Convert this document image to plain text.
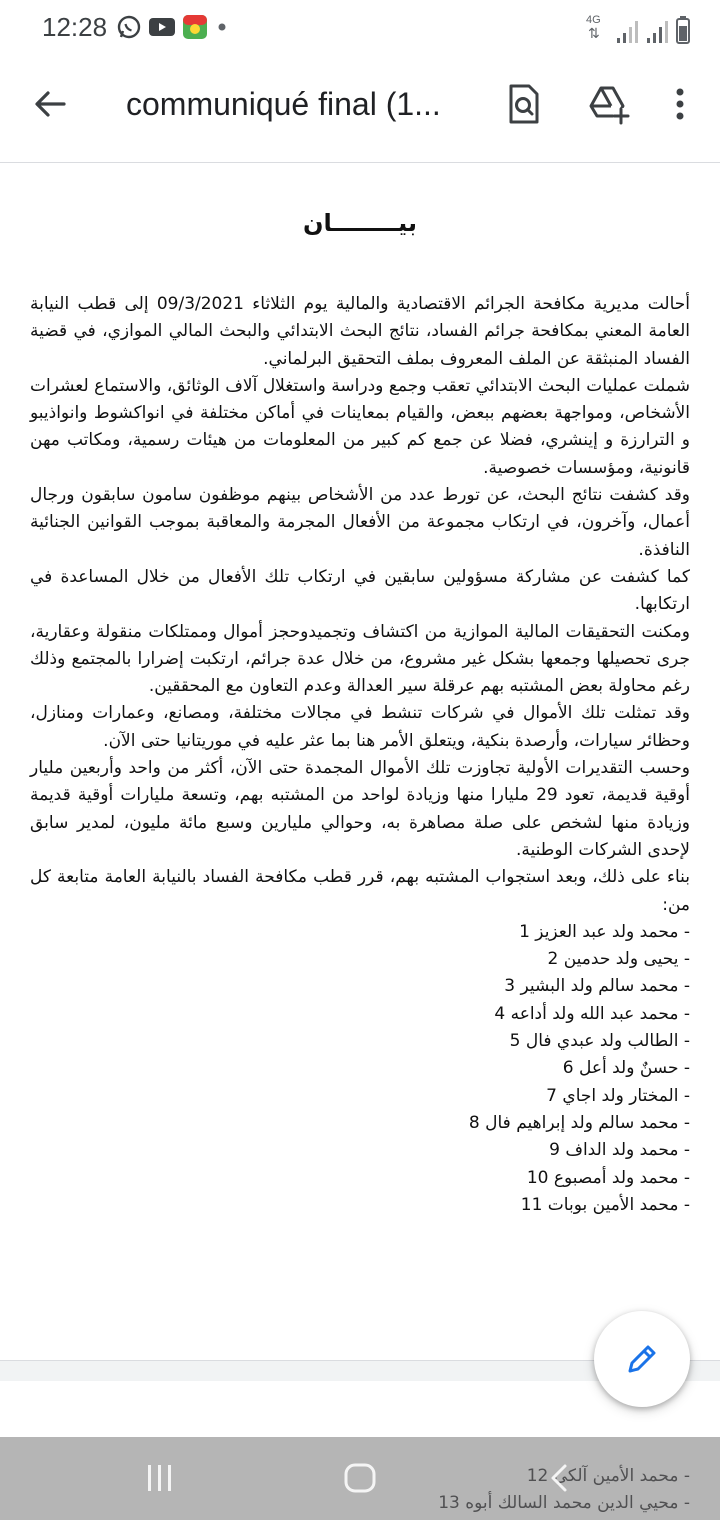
12:28	4G
⇅
communiqué final (1...
بيــــــــان

أحالت مديرية مكافحة الجرائم الاقتصادية والمالية يوم الثلاثاء 09/3/2021 إلى قطب النيابة العامة المعني بمكافحة جرائم الفساد، نتائج البحث الابتدائي والبحث المالي الموازي، في قضية الفساد المنبثقة عن الملف المعروف بملف التحقيق البرلماني.

شملت عمليات البحث الابتدائي تعقب وجمع ودراسة واستغلال آلاف الوثائق، والاستماع لعشرات الأشخاص، ومواجهة بعضهم ببعض، والقيام بمعاينات في أماكن مختلفة في انواكشوط وانواذيبو و الترارزة و إينشري، فضلا عن جمع كم كبير من المعلومات من هيئات رسمية، ومكاتب مهن قانونية، ومؤسسات خصوصية.

وقد كشفت نتائج البحث، عن تورط عدد من الأشخاص بينهم موظفون سامون سابقون ورجال أعمال، وآخرون، في ارتكاب مجموعة من الأفعال المجرمة والمعاقبة بموجب القوانين الجنائية النافذة.

كما كشفت عن مشاركة مسؤولين سابقين في ارتكاب تلك الأفعال من خلال المساعدة في ارتكابها.

ومكنت التحقيقات المالية الموازية من اكتشاف وتجميدوحجز أموال وممتلكات منقولة وعقارية، جرى تحصيلها وجمعها بشكل غير مشروع، من خلال عدة جرائم، ارتكبت إضرارا بالمجتمع وذلك رغم محاولة بعض المشتبه بهم عرقلة سير العدالة وعدم التعاون مع المحققين.

وقد تمثلت تلك الأموال في شركات تنشط في مجالات مختلفة، ومصانع، وعمارات ومنازل، وحظائر سيارات، وأرصدة بنكية، ويتعلق الأمر هنا بما عثر عليه في موريتانيا حتى الآن.

وحسب التقديرات الأولية تجاوزت تلك الأموال المجمدة حتى الآن، أكثر من واحد وأربعين مليار أوقية قديمة، تعود 29 مليارا منها وزيادة لواحد من المشتبه بهم، وتسعة مليارات أوقية قديمة وزيادة منها لشخص على صلة مصاهرة به، وحوالي مليارين وسبع مائة مليون، لمدير سابق لإحدى الشركات الوطنية.

بناء على ذلك، وبعد استجواب المشتبه بهم، قرر قطب مكافحة الفساد بالنيابة العامة متابعة كل من:

- محمد ولد عبد العزيز 1
- يحيى ولد حدمين 2
- محمد سالم ولد البشير 3
- محمد عبد الله ولد أداعه 4
- الطالب ولد عبدي فال 5
- حسنٌ ولد أعل 6
- المختار ولد اجاي 7
- محمد سالم ولد إبراهيم فال 8
- محمد ولد الداف 9
- محمد ولد أمصبوع 10
- محمد الأمين بوبات 11
